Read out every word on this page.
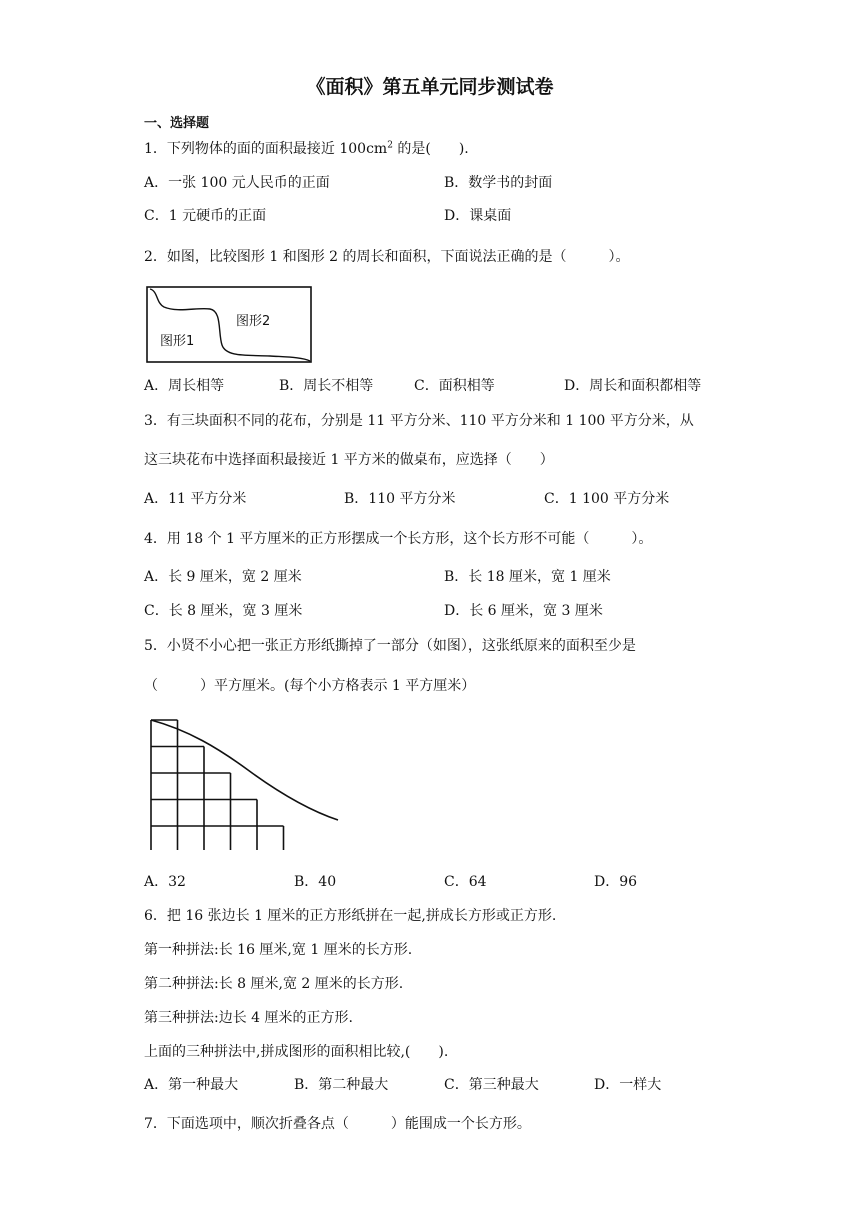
《面积》第五单元同步测试卷
一、选择题
1．下列物体的面的面积最接近 $100cm^2$ 的是(　　).
A．一张 100 元人民币的正面	B．数学书的封面
C．1 元硬币的正面	D．课桌面
2．如图，比较图形 1 和图形 2 的周长和面积，下面说法正确的是（　　　）。
图形2
图形1
A．周长相等	B．周长不相等	C．面积相等	D．周长和面积都相等
3．有三块面积不同的花布，分别是 11 平方分米、110 平方分米和 1 100 平方分米，从
这三块花布中选择面积最接近 1 平方米的做桌布，应选择（　　）
A．11 平方分米	B．110 平方分米	C．1 100 平方分米
4．用 18 个 1 平方厘米的正方形摆成一个长方形，这个长方形不可能（　　　）。
A．长 9 厘米，宽 2 厘米	B．长 18 厘米，宽 1 厘米
C．长 8 厘米，宽 3 厘米	D．长 6 厘米，宽 3 厘米
5．小贤不小心把一张正方形纸撕掉了一部分（如图），这张纸原来的面积至少是
（　　　）平方厘米。(每个小方格表示 1 平方厘米）
A．32	B．40	C．64	D．96
6．把 16 张边长 1 厘米的正方形纸拼在一起,拼成长方形或正方形.
第一种拼法:长 16 厘米,宽 1 厘米的长方形.
第二种拼法:长 8 厘米,宽 2 厘米的长方形.
第三种拼法:边长 4 厘米的正方形.
上面的三种拼法中,拼成图形的面积相比较,(　　).
A．第一种最大	B．第二种最大	C．第三种最大	D．一样大
7．下面选项中，顺次折叠各点（　　　）能围成一个长方形。
